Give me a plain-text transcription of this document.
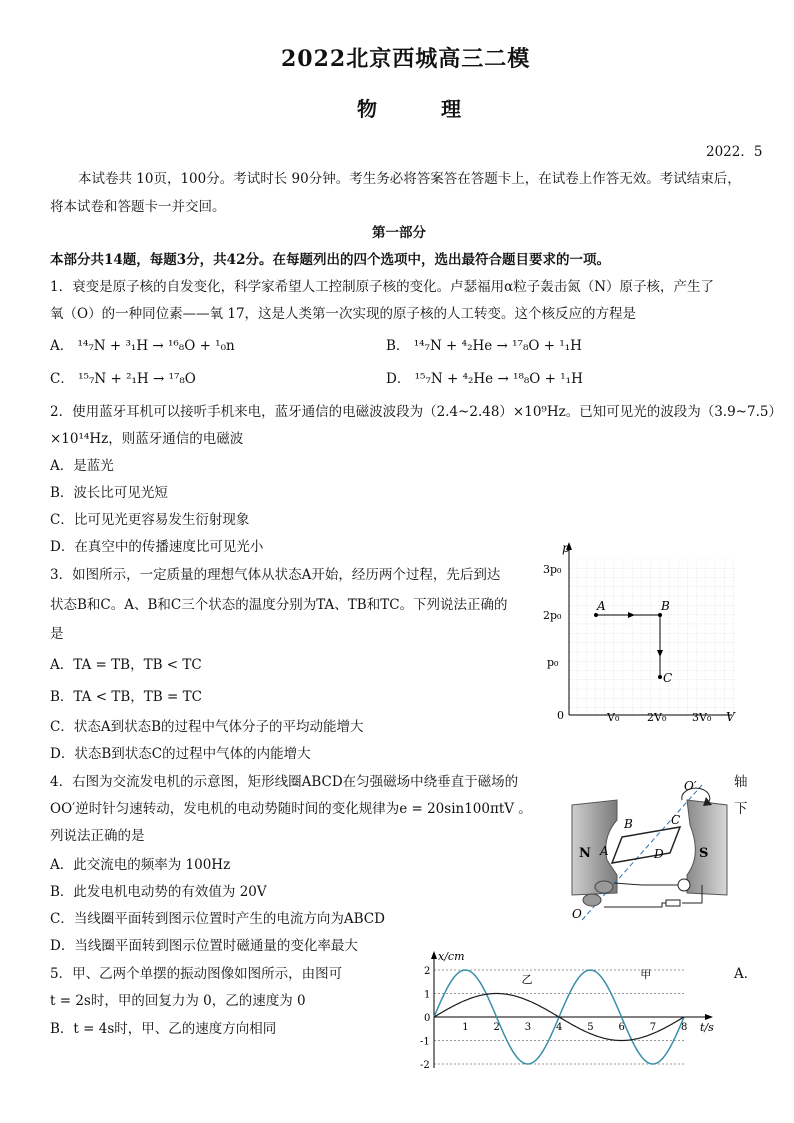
2022北京西城高三二模
物　理
2022．5
本试卷共 10页，100分。考试时长 90分钟。考生务必将答案答在答题卡上，在试卷上作答无效。考试结束后，
将本试卷和答题卡一并交回。
第一部分
本部分共14题，每题3分，共42分。在每题列出的四个选项中，选出最符合题目要求的一项。
1．衰变是原子核的自发变化，科学家希望人工控制原子核的变化。卢瑟福用α粒子轰击氮（N）原子核，产生了
氧（O）的一种同位素——氧 17，这是人类第一次实现的原子核的人工转变。这个核反应的方程是
A． ¹⁴₇N + ³₁H → ¹⁶₈O + ¹₀n	B． ¹⁴₇N + ⁴₂He → ¹⁷₈O + ¹₁H
C． ¹⁵₇N + ²₁H → ¹⁷₈O	D． ¹⁵₇N + ⁴₂He → ¹⁸₈O + ¹₁H
2．使用蓝牙耳机可以接听手机来电，蓝牙通信的电磁波波段为（2.4~2.48）×10⁹Hz。已知可见光的波段为（3.9~7.5）
×10¹⁴Hz，则蓝牙通信的电磁波
A．是蓝光
B．波长比可见光短
C．比可见光更容易发生衍射现象
D．在真空中的传播速度比可见光小
3．如图所示，一定质量的理想气体从状态A开始，经历两个过程，先后到达
状态B和C。A、B和C三个状态的温度分别为TA、TB和TC。下列说法正确的
是
A．TA = TB，TB < TC
B．TA < TB，TB = TC
C．状态A到状态B的过程中气体分子的平均动能增大
D．状态B到状态C的过程中气体的内能增大
p
V
0
p₀
2p₀
3p₀
V₀	2V₀ 3V₀
A	B
C
4．右图为交流发电机的示意图，矩形线圈ABCD在匀强磁场中绕垂直于磁场的	轴
OO′逆时针匀速转动，发电机的电动势随时间的变化规律为e = 20sin100πtV 。	下
列说法正确的是
A．此交流电的频率为 100Hz
B．此发电机电动势的有效值为 20V
C．当线圈平面转到图示位置时产生的电流方向为ABCD
D．当线圈平面转到图示位置时磁通量的变化率最大
N	S
O′
O
B	C
A	D
5．甲、乙两个单摆的振动图像如图所示，由图可	A．
t = 2s时，甲的回复力为 0，乙的速度为 0
B．t = 4s时，甲、乙的速度方向相同	1 2 3 4 5 6 7 8
2
1
0
-1
-2
x/cm
t/s
甲
乙
